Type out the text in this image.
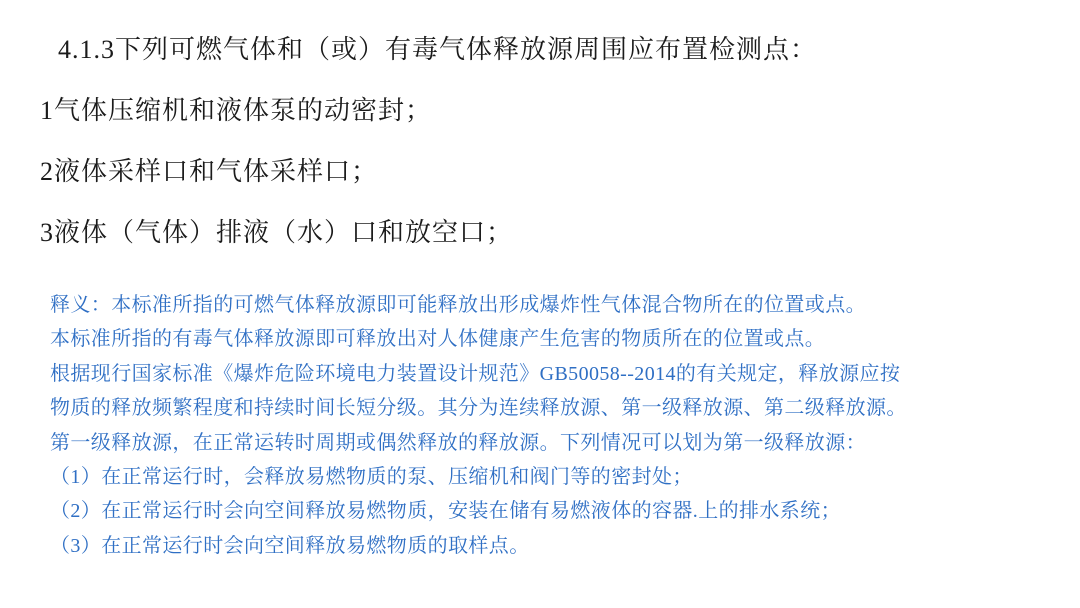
4.1.3下列可燃气体和（或）有毒气体释放源周围应布置检测点：
1气体压缩机和液体泵的动密封；
2液体采样口和气体采样口；
3液体（气体）排液（水）口和放空口；
释义：本标准所指的可燃气体释放源即可能释放出形成爆炸性气体混合物所在的位置或点。
本标准所指的有毒气体释放源即可释放出对人体健康产生危害的物质所在的位置或点。
根据现行国家标准《爆炸危险环境电力装置设计规范》GB50058--2014的有关规定，释放源应按
物质的释放频繁程度和持续时间长短分级。其分为连续释放源、第一级释放源、第二级释放源。
第一级释放源，在正常运转时周期或偶然释放的释放源。下列情况可以划为第一级释放源：
（1）在正常运行时，会释放易燃物质的泵、压缩机和阀门等的密封处；
（2）在正常运行时会向空间释放易燃物质，安装在储有易燃液体的容器.上的排水系统；
（3）在正常运行时会向空间释放易燃物质的取样点。
